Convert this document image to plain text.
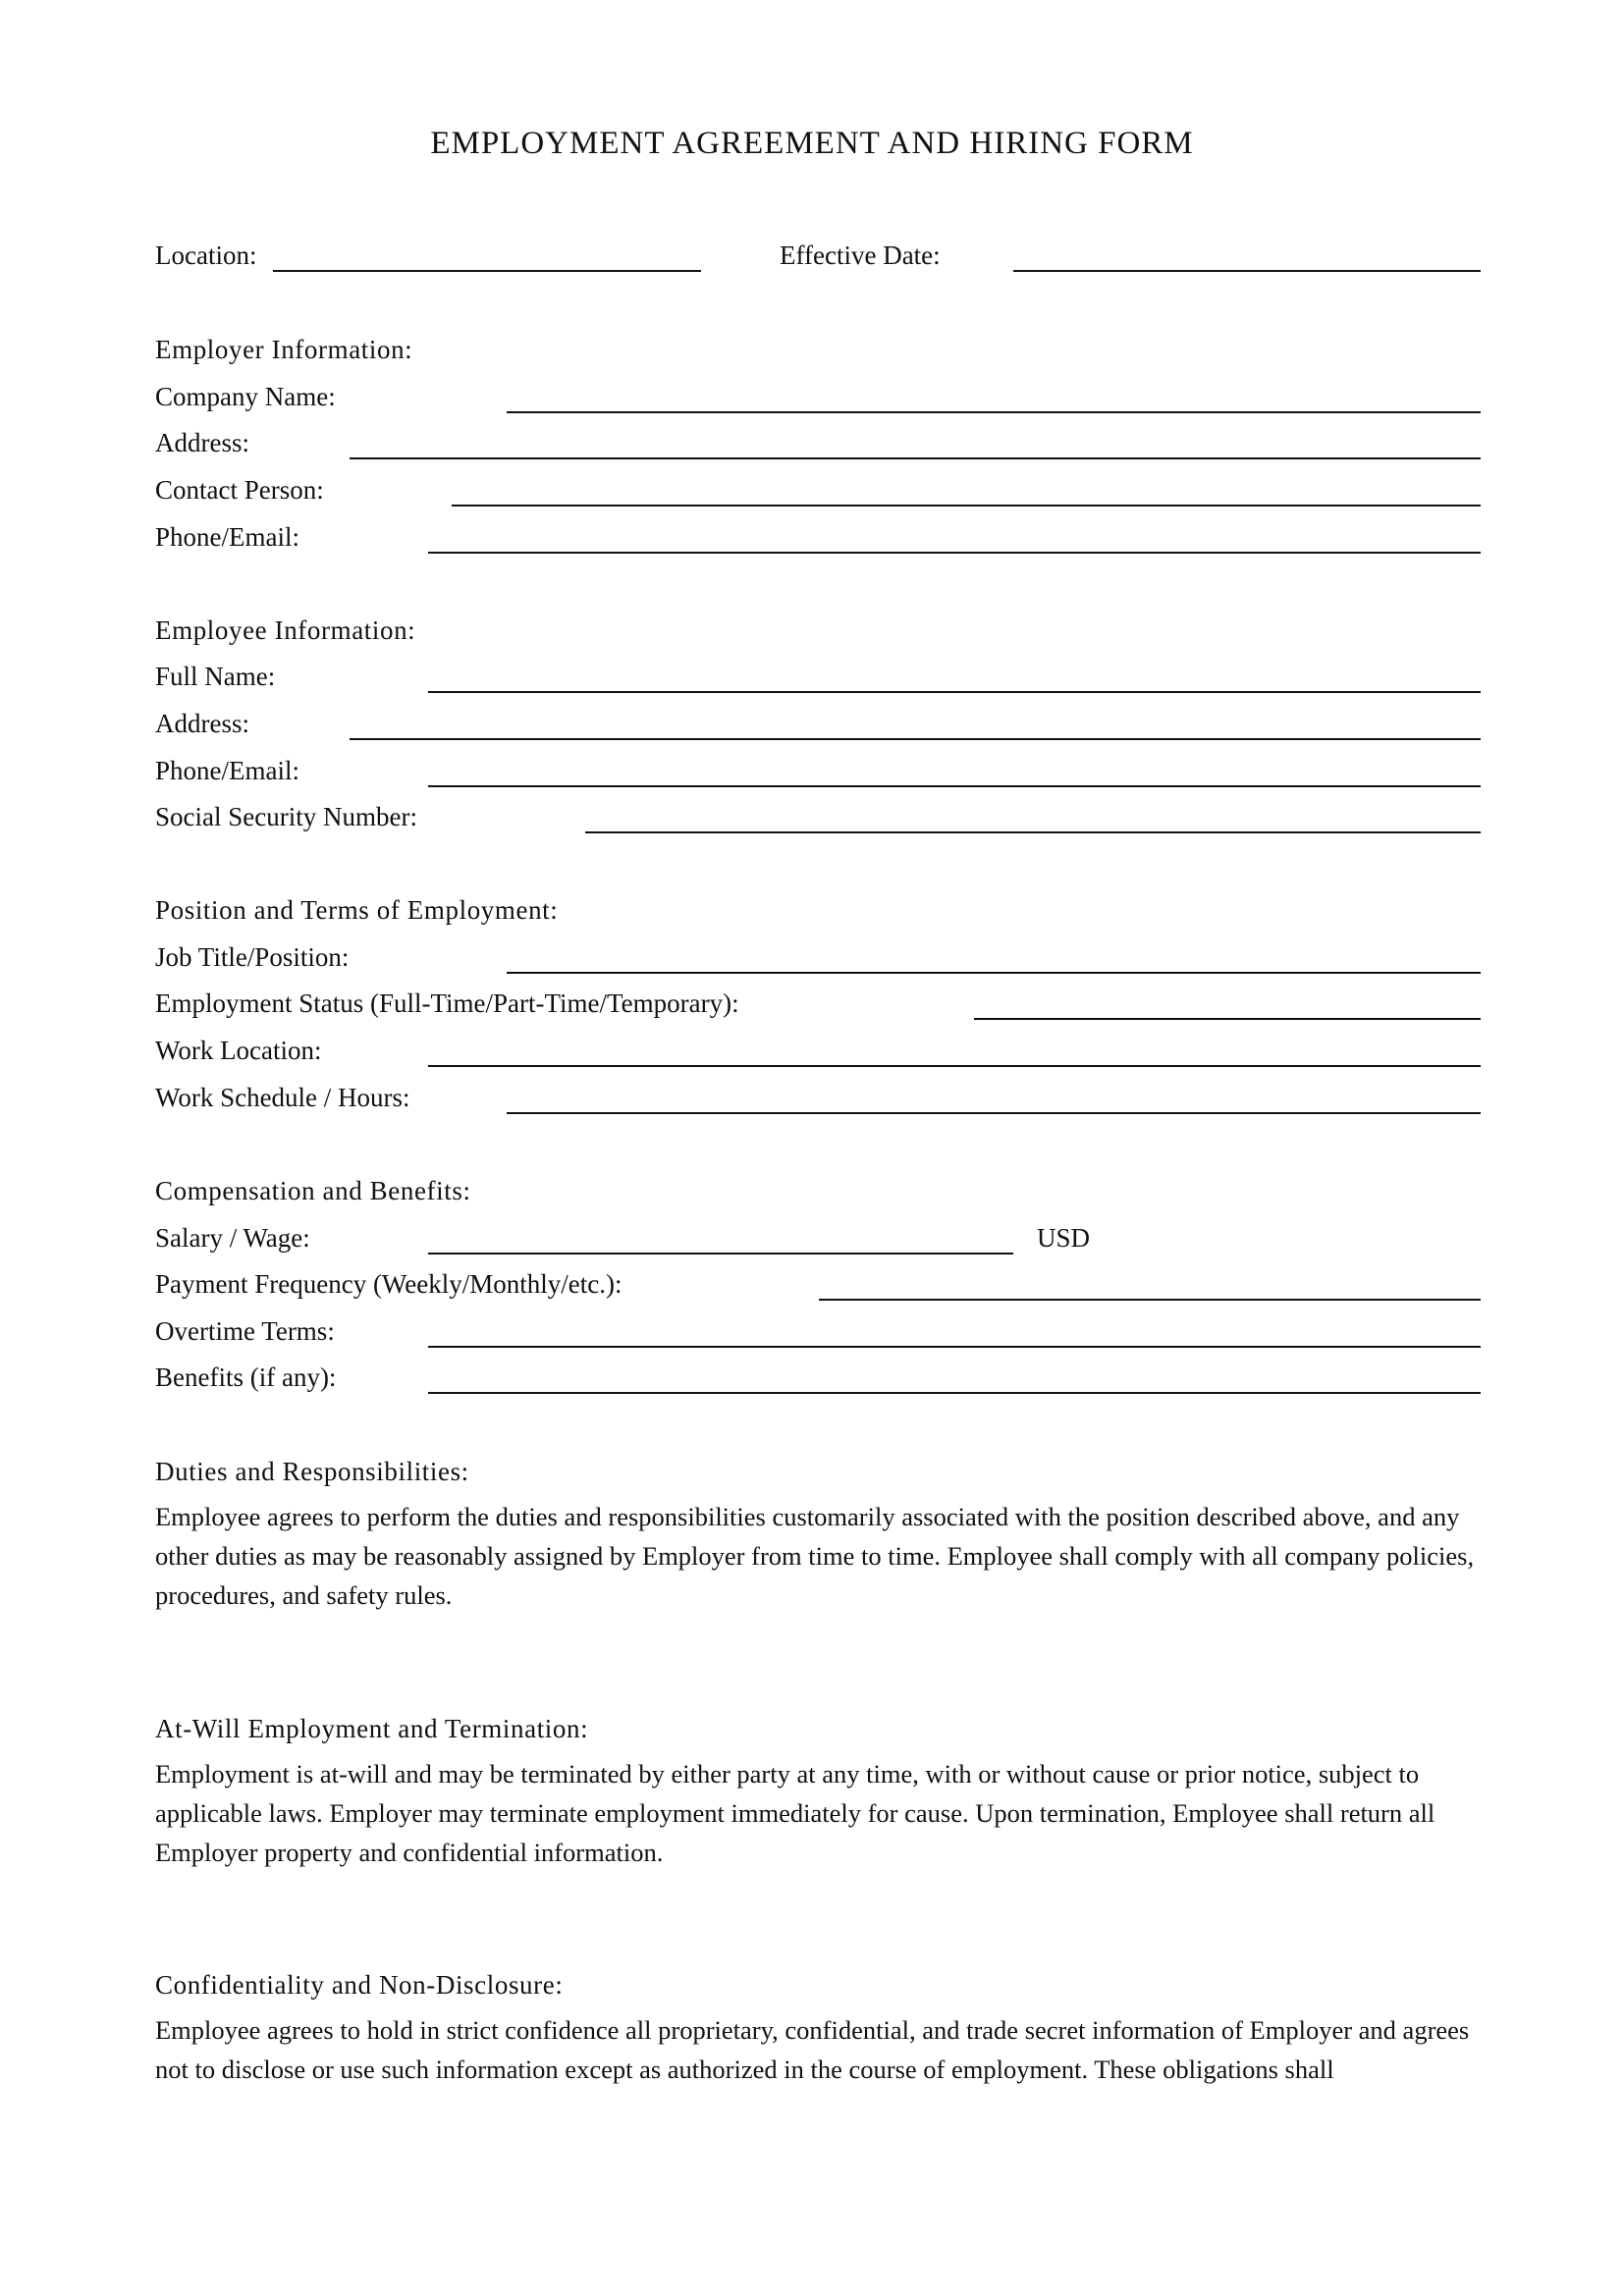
EMPLOYMENT AGREEMENT AND HIRING FORM
Location:	Effective Date:
Employer Information:
Company Name:
Address:
Contact Person:
Phone/Email:
Employee Information:
Full Name:
Address:
Phone/Email:
Social Security Number:
Position and Terms of Employment:
Job Title/Position:
Employment Status (Full-Time/Part-Time/Temporary):
Work Location:
Work Schedule / Hours:
Compensation and Benefits:
Salary / Wage:	USD
Payment Frequency (Weekly/Monthly/etc.):
Overtime Terms:
Benefits (if any):
Duties and Responsibilities:

Employee agrees to perform the duties and responsibilities customarily associated with the position described above, and any other duties as may be reasonably assigned by Employer from time to time. Employee shall comply with all company policies, procedures, and safety rules.

At-Will Employment and Termination:

Employment is at-will and may be terminated by either party at any time, with or without cause or prior notice, subject to applicable laws. Employer may terminate employment immediately for cause. Upon termination, Employee shall return all Employer property and confidential information.

Confidentiality and Non-Disclosure:

Employee agrees to hold in strict confidence all proprietary, confidential, and trade secret information of Employer and agrees not to disclose or use such information except as authorized in the course of employment. These obligations shall
